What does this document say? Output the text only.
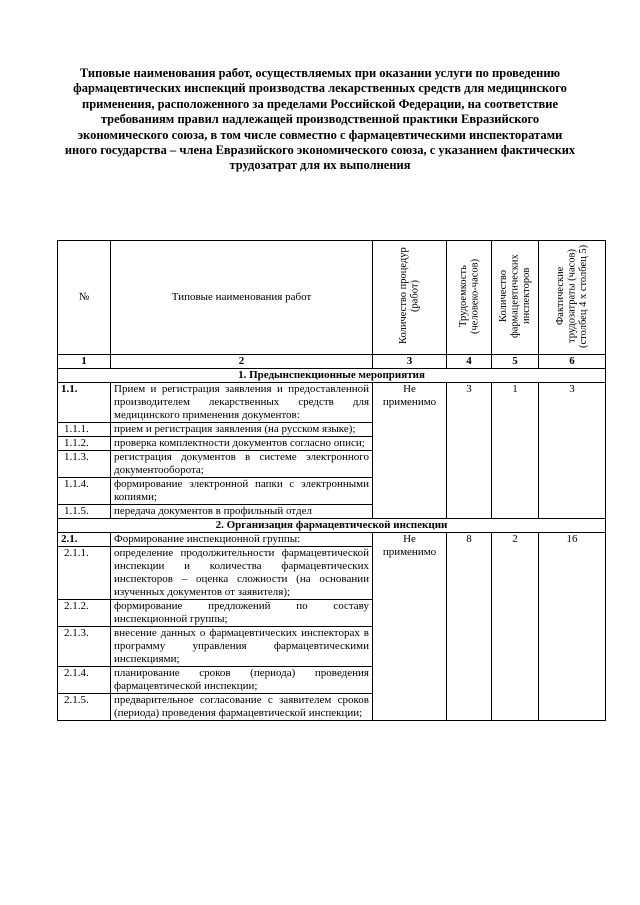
Типовые наименования работ, осуществляемых при оказании услуги по проведению фармацевтических инспекций производства лекарственных средств для медицинского применения, расположенного за пределами Российской Федерации, на соответствие требованиям правил надлежащей производственной практики Евразийского экономического союза, в том числе совместно с фармацевтическими инспекторатами иного государства – члена Евразийского экономического союза, с указанием фактических трудозатрат для их выполнения
№	Типовые наименования работ	Количество процедур (работ)	Трудоемкость (человеко-часов)	Количество фармацевтических инспекторов	Фактические трудозатраты (часов) (столбец 4 х столбец 5)
1	2	3	4	5	6
1. Предынспекционные мероприятия					
1.1.	Прием и регистрация заявления и предоставленной производителем лекарственных средств для медицинского применения документов:	Не применимо	3	1	3
1.1.1.	прием и регистрация заявления (на русском языке);				
1.1.2.	проверка комплектности документов согласно описи;				
1.1.3.	регистрация документов в системе электронного документооборота;				
1.1.4.	формирование электронной папки с электронными копиями;				
1.1.5.	передача документов в профильный отдел				
2. Организация фармацевтической инспекции					
2.1.	Формирование инспекционной группы:	Не применимо	8	2	16
2.1.1.	определение продолжительности фармацевтической инспекции и количества фармацевтических инспекторов – оценка сложности (на основании изученных документов от заявителя);				
2.1.2.	формирование предложений по составу инспекционной группы;				
2.1.3.	внесение данных о фармацевтических инспекторах в программу управления фармацевтическими инспекциями;				
2.1.4.	планирование сроков (периода) проведения фармацевтической инспекции;				
2.1.5.	предварительное согласование с заявителем сроков (периода) проведения фармацевтической инспекции;				
